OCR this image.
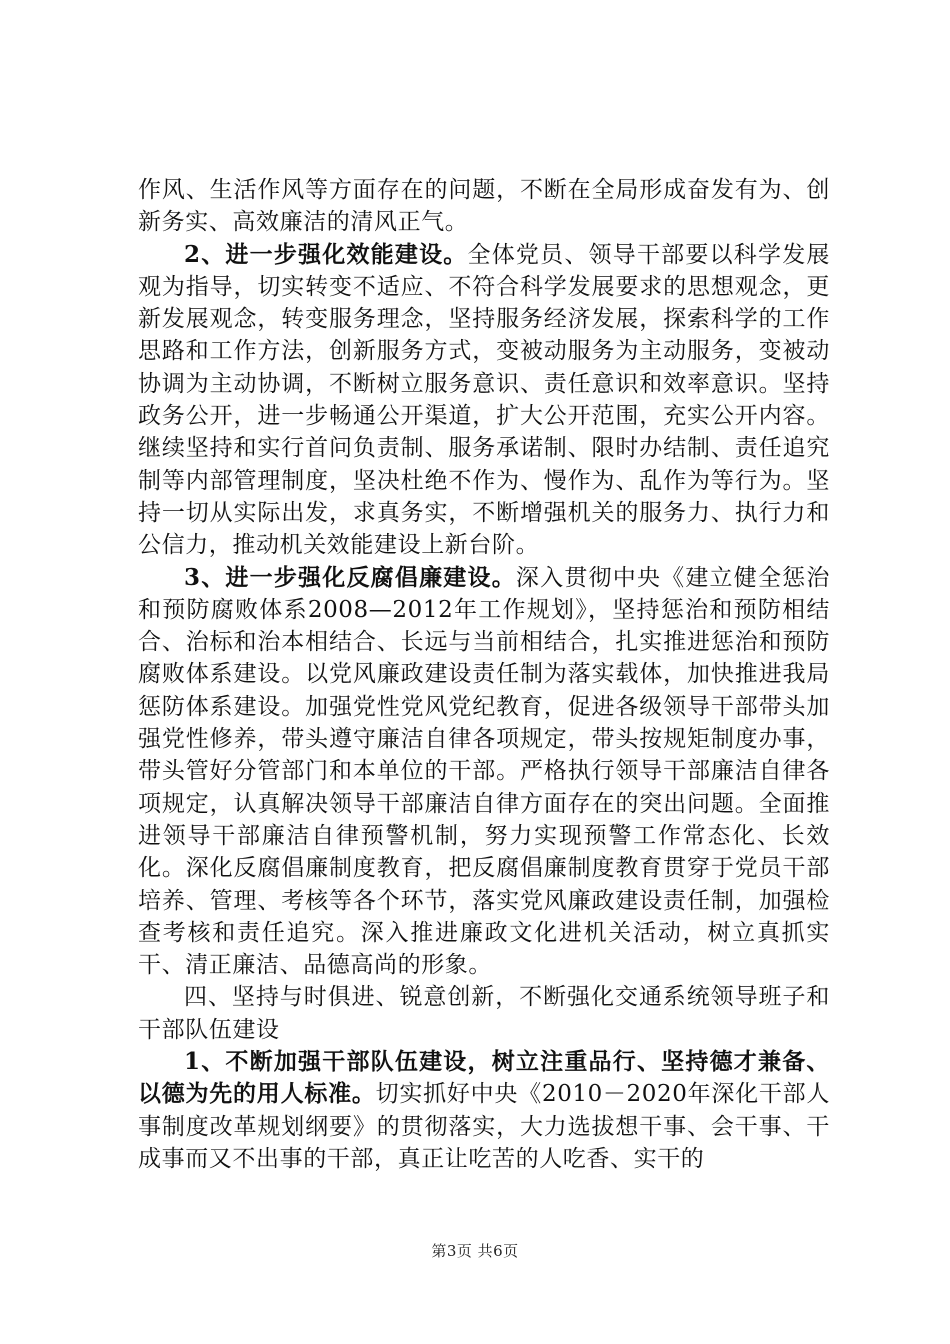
作风、生活作风等方面存在的问题，不断在全局形成奋发有为、创新务实、高效廉洁的清风正气。

2、进一步强化效能建设。全体党员、领导干部要以科学发展观为指导，切实转变不适应、不符合科学发展要求的思想观念，更新发展观念，转变服务理念，坚持服务经济发展，探索科学的工作思路和工作方法，创新服务方式，变被动服务为主动服务，变被动协调为主动协调，不断树立服务意识、责任意识和效率意识。坚持政务公开，进一步畅通公开渠道，扩大公开范围，充实公开内容。继续坚持和实行首问负责制、服务承诺制、限时办结制、责任追究制等内部管理制度，坚决杜绝不作为、慢作为、乱作为等行为。坚持一切从实际出发，求真务实，不断增强机关的服务力、执行力和公信力，推动机关效能建设上新台阶。

3、进一步强化反腐倡廉建设。深入贯彻中央《建立健全惩治和预防腐败体系2008—2012年工作规划》，坚持惩治和预防相结合、治标和治本相结合、长远与当前相结合，扎实推进惩治和预防腐败体系建设。以党风廉政建设责任制为落实载体，加快推进我局惩防体系建设。加强党性党风党纪教育，促进各级领导干部带头加强党性修养，带头遵守廉洁自律各项规定，带头按规矩制度办事，带头管好分管部门和本单位的干部。严格执行领导干部廉洁自律各项规定，认真解决领导干部廉洁自律方面存在的突出问题。全面推进领导干部廉洁自律预警机制，努力实现预警工作常态化、长效化。深化反腐倡廉制度教育，把反腐倡廉制度教育贯穿于党员干部培养、管理、考核等各个环节，落实党风廉政建设责任制，加强检查考核和责任追究。深入推进廉政文化进机关活动，树立真抓实干、清正廉洁、品德高尚的形象。

四、坚持与时俱进、锐意创新，不断强化交通系统领导班子和干部队伍建设

1、不断加强干部队伍建设，树立注重品行、坚持德才兼备、以德为先的用人标准。切实抓好中央《2010－2020年深化干部人事制度改革规划纲要》的贯彻落实，大力选拔想干事、会干事、干成事而又不出事的干部，真正让吃苦的人吃香、实干的

第3页 共6页
